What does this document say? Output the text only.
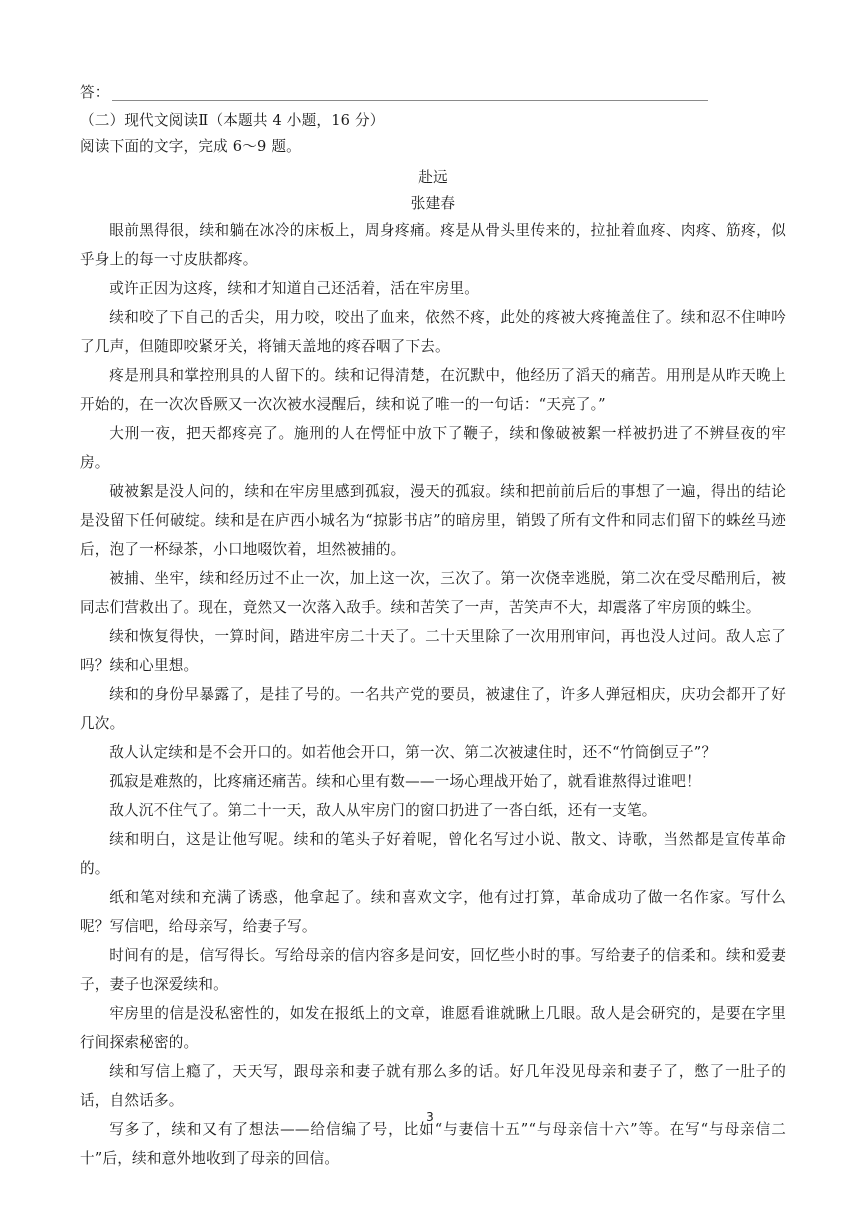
答：
（二）现代文阅读Ⅱ（本题共 4 小题，16 分）
阅读下面的文字，完成 6～9 题。
赴远
张建春

眼前黑得很，续和躺在冰冷的床板上，周身疼痛。疼是从骨头里传来的，拉扯着血疼、肉疼、筋疼，似乎身上的每一寸皮肤都疼。

或许正因为这疼，续和才知道自己还活着，活在牢房里。

续和咬了下自己的舌尖，用力咬，咬出了血来，依然不疼，此处的疼被大疼掩盖住了。续和忍不住呻吟了几声，但随即咬紧牙关，将铺天盖地的疼吞咽了下去。

疼是刑具和掌控刑具的人留下的。续和记得清楚，在沉默中，他经历了滔天的痛苦。用刑是从昨天晚上开始的，在一次次昏厥又一次次被水浸醒后，续和说了唯一的一句话：“天亮了。”

大刑一夜，把天都疼亮了。施刑的人在愕怔中放下了鞭子，续和像破被絮一样被扔进了不辨昼夜的牢房。

破被絮是没人问的，续和在牢房里感到孤寂，漫天的孤寂。续和把前前后后的事想了一遍，得出的结论是没留下任何破绽。续和是在庐西小城名为“掠影书店”的暗房里，销毁了所有文件和同志们留下的蛛丝马迹后，泡了一杯绿茶，小口地啜饮着，坦然被捕的。

被捕、坐牢，续和经历过不止一次，加上这一次，三次了。第一次侥幸逃脱，第二次在受尽酷刑后，被同志们营救出了。现在，竟然又一次落入敌手。续和苦笑了一声，苦笑声不大，却震落了牢房顶的蛛尘。

续和恢复得快，一算时间，踏进牢房二十天了。二十天里除了一次用刑审问，再也没人过问。敌人忘了吗？续和心里想。

续和的身份早暴露了，是挂了号的。一名共产党的要员，被逮住了，许多人弹冠相庆，庆功会都开了好几次。

敌人认定续和是不会开口的。如若他会开口，第一次、第二次被逮住时，还不“竹筒倒豆子”？

孤寂是难熬的，比疼痛还痛苦。续和心里有数——一场心理战开始了，就看谁熬得过谁吧！

敌人沉不住气了。第二十一天，敌人从牢房门的窗口扔进了一沓白纸，还有一支笔。

续和明白，这是让他写呢。续和的笔头子好着呢，曾化名写过小说、散文、诗歌，当然都是宣传革命的。

纸和笔对续和充满了诱惑，他拿起了。续和喜欢文字，他有过打算，革命成功了做一名作家。写什么呢？写信吧，给母亲写，给妻子写。

时间有的是，信写得长。写给母亲的信内容多是问安，回忆些小时的事。写给妻子的信柔和。续和爱妻子，妻子也深爱续和。

牢房里的信是没私密性的，如发在报纸上的文章，谁愿看谁就瞅上几眼。敌人是会研究的，是要在字里行间探索秘密的。

续和写信上瘾了，天天写，跟母亲和妻子就有那么多的话。好几年没见母亲和妻子了，憋了一肚子的话，自然话多。

写多了，续和又有了想法——给信编了号，比如“与妻信十五”“与母亲信十六”等。在写“与母亲信二十”后，续和意外地收到了母亲的回信。

3
